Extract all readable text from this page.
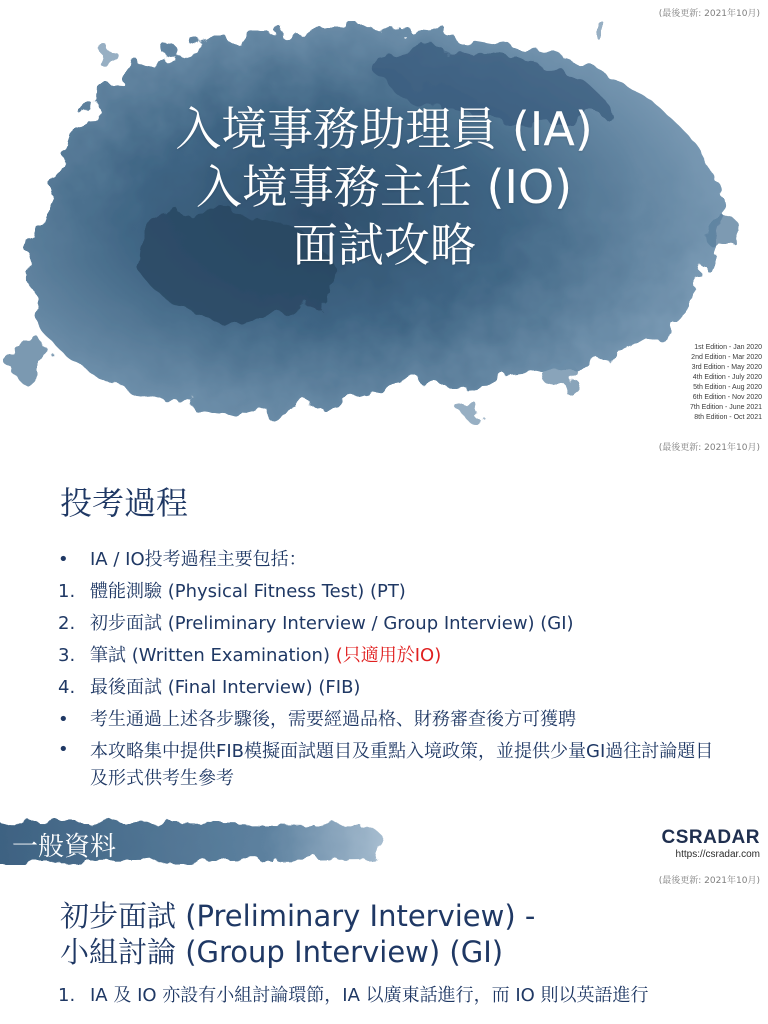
(最後更新: 2021年10月)
入境事務助理員 (IA)
入境事務主任 (IO)
面試攻略
1st Edition - Jan 2020
2nd Edition - Mar 2020
3rd Edition - May 2020
4th Edition - July 2020
5th Edition - Aug 2020
6th Edition - Nov 2020
7th Edition - June 2021
8th Edition - Oct 2021
(最後更新: 2021年10月)
投考過程
•	IA / IO投考過程主要包括：
1. 體能測驗 (Physical Fitness Test) (PT)
2. 初步面試 (Preliminary Interview / Group Interview) (GI)
3. 筆試 (Written Examination) (只適用於IO)
4. 最後面試 (Final Interview) (FIB)
•	考生通過上述各步驟後，需要經過品格、財務審查後方可獲聘
•	本攻略集中提供FIB模擬面試題目及重點入境政策，並提供少量GI過往討論題目及形式供考生參考
一般資料	CSRADAR
https://csradar.com
(最後更新: 2021年10月)
初步面試 (Preliminary Interview) -
小組討論 (Group Interview) (GI)
1. IA 及 IO 亦設有小組討論環節，IA 以廣東話進行，而 IO 則以英語進行
